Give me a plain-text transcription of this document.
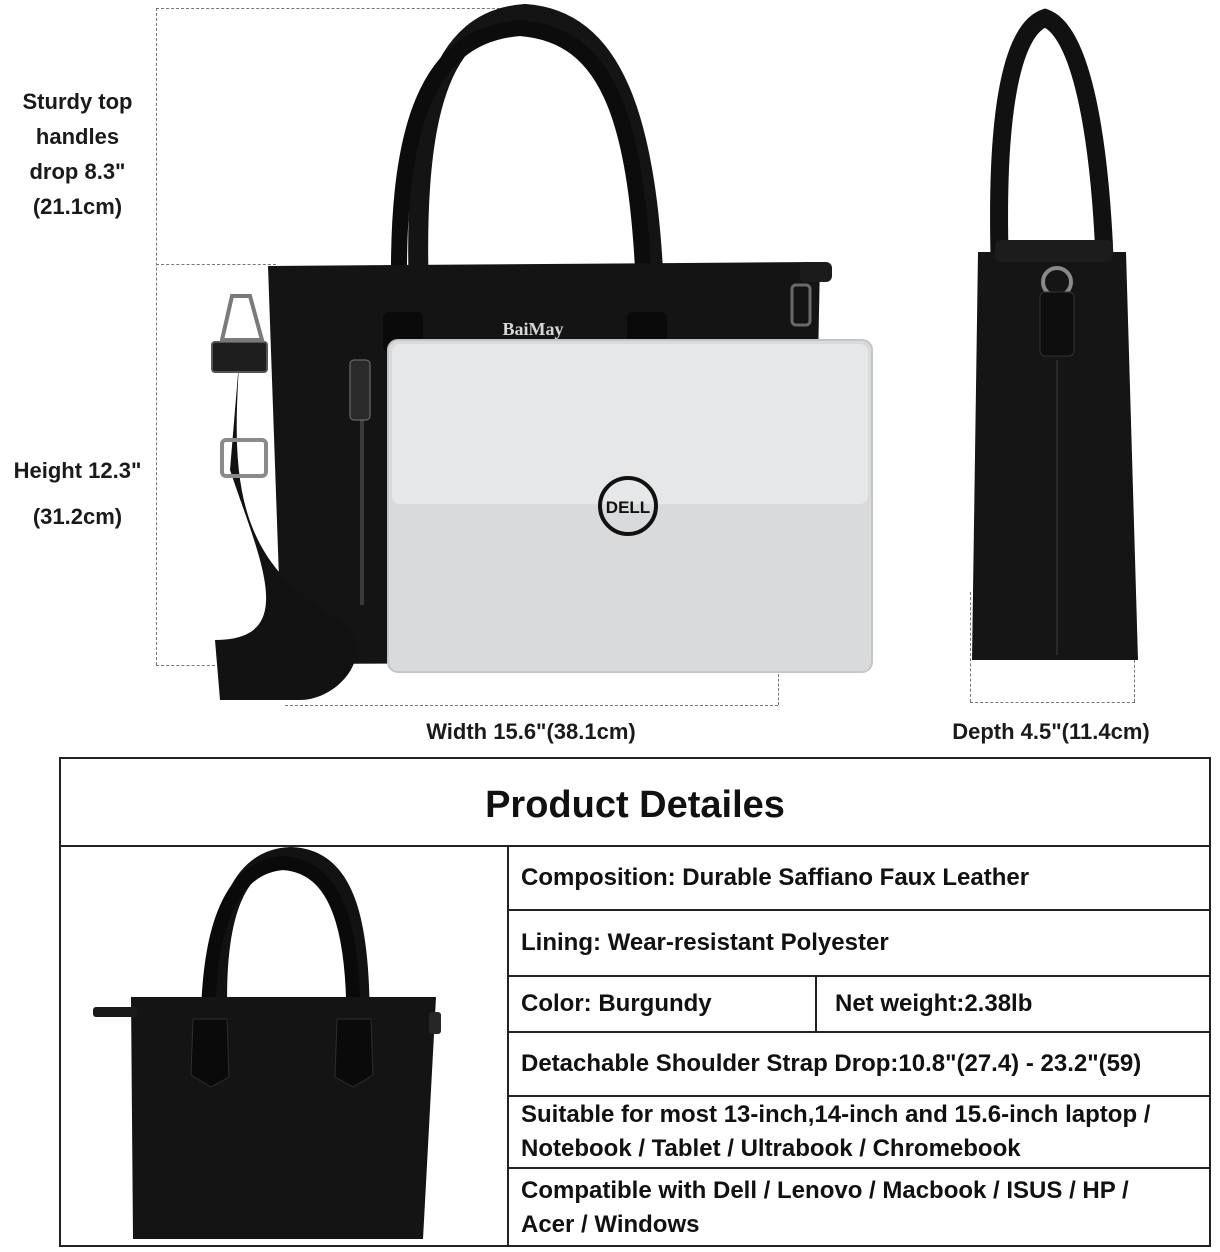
Sturdy top
handles
drop 8.3"
(21.1cm)
Height 12.3"
(31.2cm)
Width 15.6"(38.1cm)	Depth 4.5"(11.4cm)
BaiMay
DELL
Product Detailes
Composition: Durable Saffiano Faux Leather
Lining: Wear-resistant Polyester
Color: Burgundy	Net weight:2.38lb
Detachable Shoulder Strap Drop:10.8"(27.4) - 23.2"(59)
Suitable for most 13-inch,14-inch and 15.6-inch laptop /
Notebook / Tablet / Ultrabook / Chromebook
Compatible with Dell / Lenovo / Macbook / ISUS / HP /
Acer / Windows
